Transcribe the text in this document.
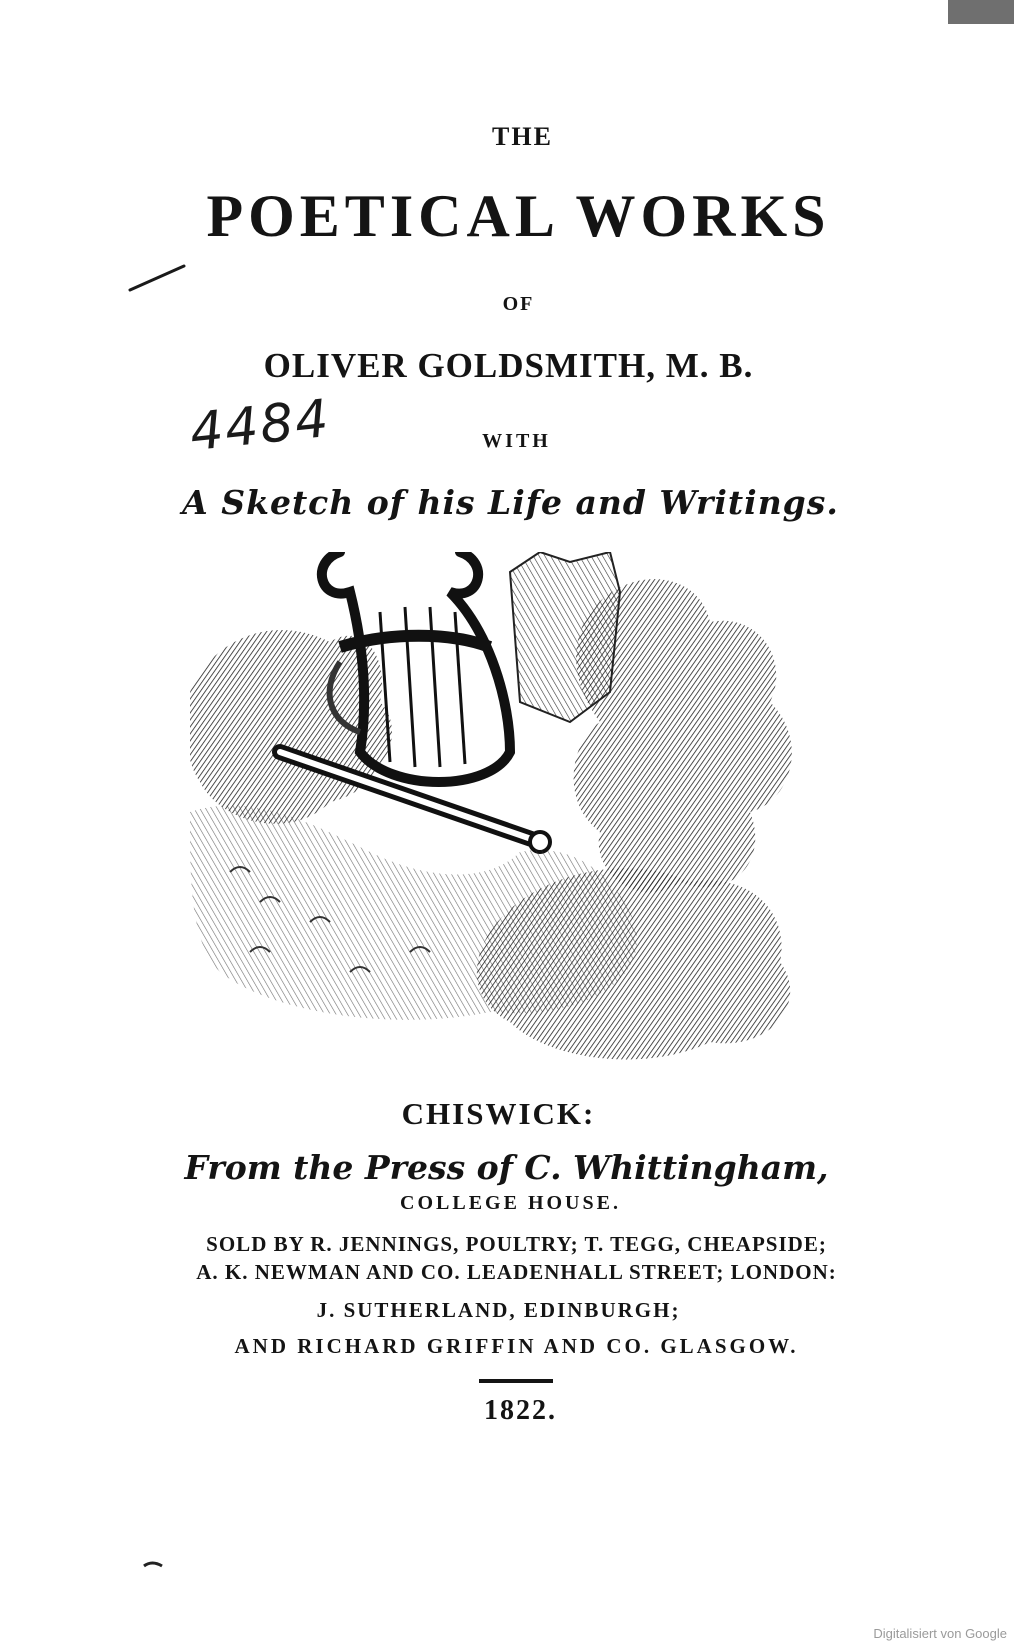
THE
POETICAL WORKS
OF
OLIVER GOLDSMITH, M. B.
4484	WITH
A Sketch of his Life and Writings.
CHISWICK:
From the Press of C. Whittingham,
COLLEGE HOUSE.
SOLD BY R. JENNINGS, POULTRY; T. TEGG, CHEAPSIDE;
A. K. NEWMAN AND CO. LEADENHALL STREET; LONDON:
J. SUTHERLAND, EDINBURGH;
AND RICHARD GRIFFIN AND CO. GLASGOW.
1822.
Digitalisiert von Google
